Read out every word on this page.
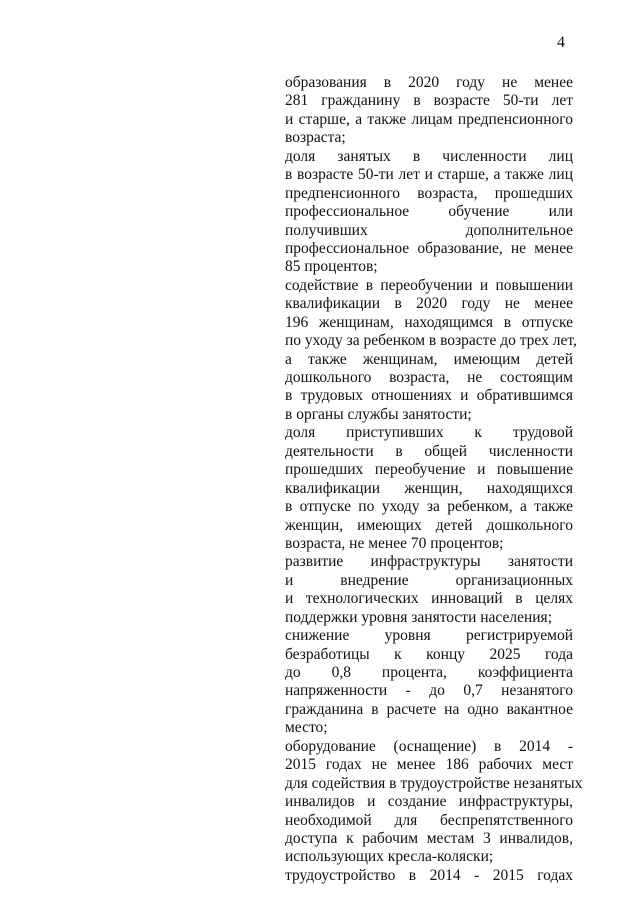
4
образования в 2020 году не менее
281 гражданину в возрасте 50-ти лет
и старше, а также лицам предпенсионного
возраста;
доля занятых в численности лиц
в возрасте 50-ти лет и старше, а также лиц
предпенсионного возраста, прошедших
профессиональное обучение или
получивших дополнительное
профессиональное образование, не менее
85 процентов;
содействие в переобучении и повышении
квалификации в 2020 году не менее
196 женщинам, находящимся в отпуске
по уходу за ребенком в возрасте до трех лет,
а также женщинам, имеющим детей
дошкольного возраста, не состоящим
в трудовых отношениях и обратившимся
в органы службы занятости;
доля приступивших к трудовой
деятельности в общей численности
прошедших переобучение и повышение
квалификации женщин, находящихся
в отпуске по уходу за ребенком, а также
женщин, имеющих детей дошкольного
возраста, не менее 70 процентов;
развитие инфраструктуры занятости
и внедрение организационных
и технологических инноваций в целях
поддержки уровня занятости населения;
снижение уровня регистрируемой
безработицы к концу 2025 года
до 0,8 процента, коэффициента
напряженности - до 0,7 незанятого
гражданина в расчете на одно вакантное
место;
оборудование (оснащение) в 2014 -
2015 годах не менее 186 рабочих мест
для содействия в трудоустройстве незанятых
инвалидов и создание инфраструктуры,
необходимой для беспрепятственного
доступа к рабочим местам 3 инвалидов,
использующих кресла-коляски;
трудоустройство в 2014 - 2015 годах
